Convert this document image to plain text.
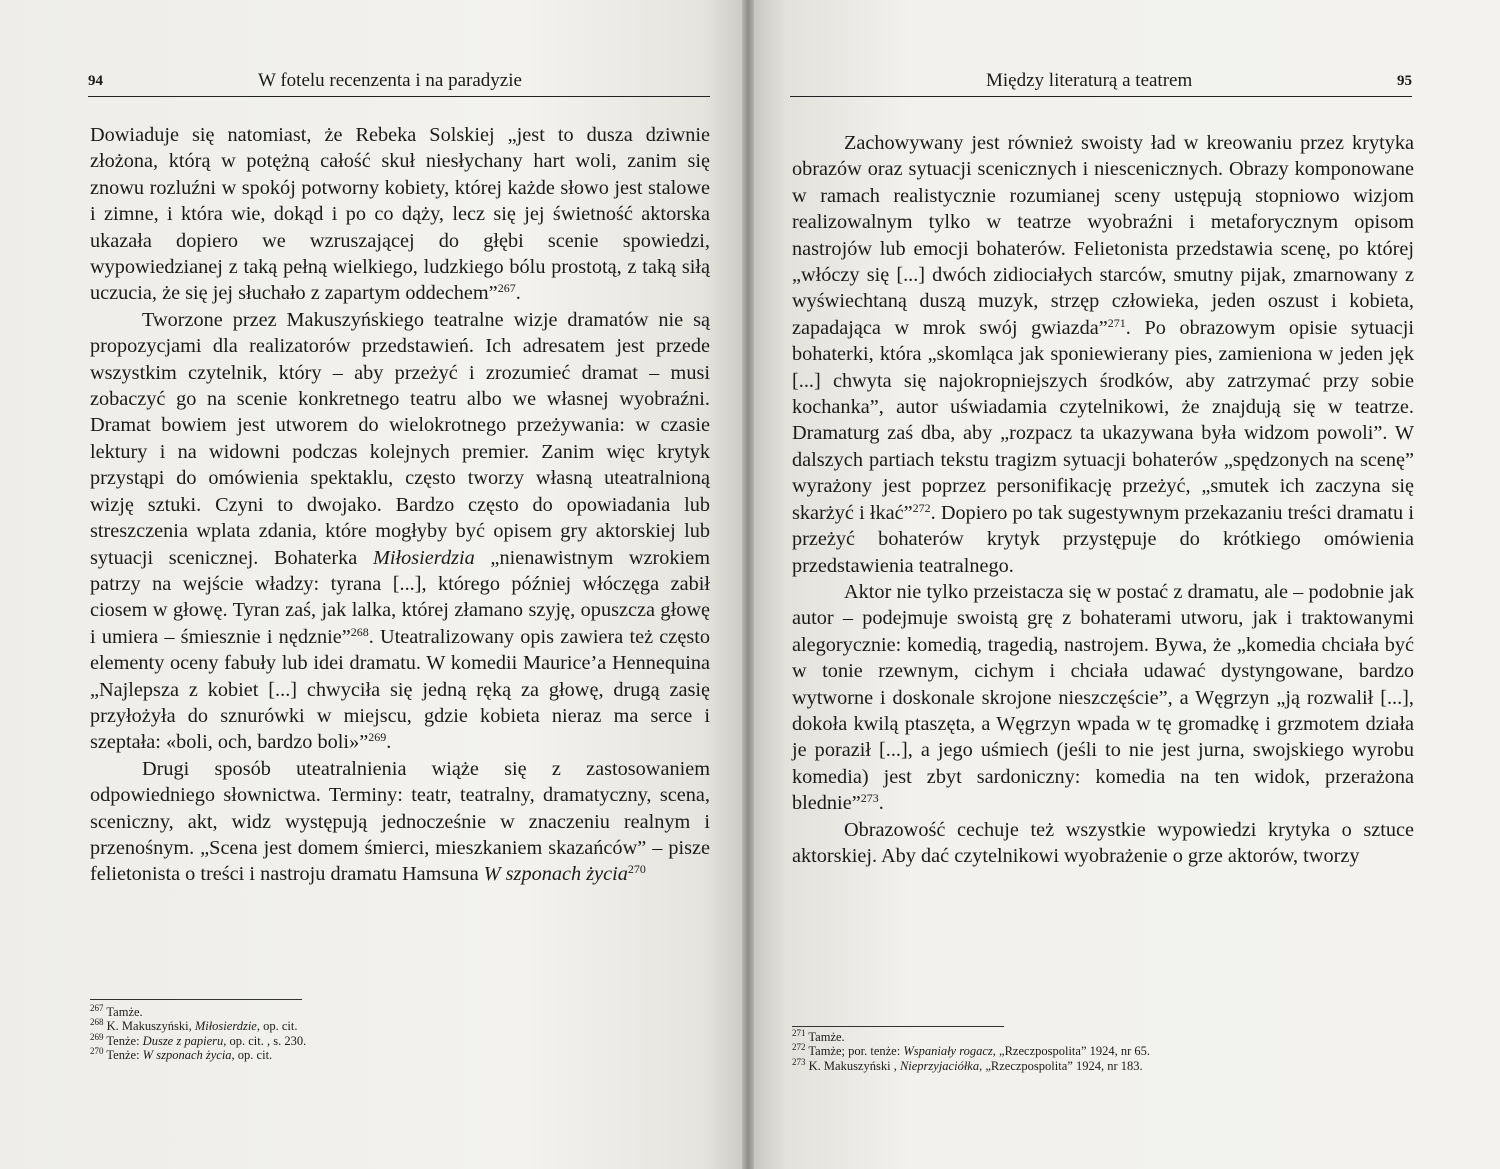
94	W fotelu recenzenta i na paradyzie

Dowiaduje się natomiast, że Rebeka Solskiej „jest to dusza dziwnie złożona, którą w potężną całość skuł niesłychany hart woli, zanim się znowu rozluźni w spokój potworny kobiety, której każde słowo jest stalowe i zimne, i która wie, dokąd i po co dąży, lecz się jej świetność aktorska ukazała dopiero we wzruszającej do głębi scenie spowiedzi, wypowiedzianej z taką pełną wielkiego, ludzkiego bólu prostotą, z taką siłą uczucia, że się jej słuchało z zapartym oddechem”$^{267}$.

Tworzone przez Makuszyńskiego teatralne wizje dramatów nie są propozycjami dla realizatorów przedstawień. Ich adresatem jest przede wszystkim czytelnik, który – aby przeżyć i zrozumieć dramat – musi zobaczyć go na scenie konkretnego teatru albo we własnej wyobraźni. Dramat bowiem jest utworem do wielokrotnego przeżywania: w czasie lektury i na widowni podczas kolejnych premier. Zanim więc krytyk przystąpi do omówienia spektaklu, często tworzy własną uteatralnioną wizję sztuki. Czyni to dwojako. Bardzo często do opowiadania lub streszczenia wplata zdania, które mogłyby być opisem gry aktorskiej lub sytuacji scenicznej. Bohaterka Miłosierdzia „nienawistnym wzrokiem patrzy na wejście władzy: tyrana [...], którego później włóczęga zabił ciosem w głowę. Tyran zaś, jak lalka, której złamano szyję, opuszcza głowę i umiera – śmiesznie i nędznie”$^{268}$. Uteatralizowany opis zawiera też często elementy oceny fabuły lub idei dramatu. W komedii Maurice’a Hennequina „Najlepsza z kobiet [...] chwyciła się jedną ręką za głowę, drugą zasię przyłożyła do sznurówki w miejscu, gdzie kobieta nieraz ma serce i szeptała: «boli, och, bardzo boli»”$^{269}$.

Drugi sposób uteatralnienia wiąże się z zastosowaniem odpowiedniego słownictwa. Terminy: teatr, teatralny, dramatyczny, scena, sceniczny, akt, widz występują jednocześnie w znaczeniu realnym i przenośnym. „Scena jest domem śmierci, mieszkaniem skazańców” – pisze felietonista o treści i nastroju dramatu Hamsuna W szponach życia$^{270}$

$^{267}$ Tamże.
$^{268}$ K. Makuszyński, Miłosierdzie, op. cit.
$^{269}$ Tenże: Dusze z papieru, op. cit. , s. 230.
$^{270}$ Tenże: W szponach życia, op. cit.
Między literaturą a teatrem	95

Zachowywany jest również swoisty ład w kreowaniu przez krytyka obrazów oraz sytuacji scenicznych i niescenicznych. Obrazy komponowane w ramach realistycznie rozumianej sceny ustępują stopniowo wizjom realizowalnym tylko w teatrze wyobraźni i metaforycznym opisom nastrojów lub emocji bohaterów. Felietonista przedstawia scenę, po której „włóczy się [...] dwóch zidiociałych starców, smutny pijak, zmarnowany z wyświechtaną duszą muzyk, strzęp człowieka, jeden oszust i kobieta, zapadająca w mrok swój gwiazda”$^{271}$. Po obrazowym opisie sytuacji bohaterki, która „skomląca jak sponiewierany pies, zamieniona w jeden jęk [...] chwyta się najokropniejszych środków, aby zatrzymać przy sobie kochanka”, autor uświadamia czytelnikowi, że znajdują się w teatrze. Dramaturg zaś dba, aby „rozpacz ta ukazywana była widzom powoli”. W dalszych partiach tekstu tragizm sytuacji bohaterów „spędzonych na scenę” wyrażony jest poprzez personifikację przeżyć, „smutek ich zaczyna się skarżyć i łkać”$^{272}$. Dopiero po tak sugestywnym przekazaniu treści dramatu i przeżyć bohaterów krytyk przystępuje do krótkiego omówienia przedstawienia teatralnego.

Aktor nie tylko przeistacza się w postać z dramatu, ale – podobnie jak autor – podejmuje swoistą grę z bohaterami utworu, jak i traktowanymi alegorycznie: komedią, tragedią, nastrojem. Bywa, że „komedia chciała być w tonie rzewnym, cichym i chciała udawać dystyngowane, bardzo wytworne i doskonale skrojone nieszczęście”, a Węgrzyn „ją rozwalił [...], dokoła kwilą ptaszęta, a Węgrzyn wpada w tę gromadkę i grzmotem działa je poraził [...], a jego uśmiech (jeśli to nie jest jurna, swojskiego wyrobu komedia) jest zbyt sardoniczny: komedia na ten widok, przerażona blednie”$^{273}$.

Obrazowość cechuje też wszystkie wypowiedzi krytyka o sztuce aktorskiej. Aby dać czytelnikowi wyobrażenie o grze aktorów, tworzy

$^{271}$ Tamże.
$^{272}$ Tamże; por. tenże: Wspaniały rogacz, „Rzeczpospolita” 1924, nr 65.
$^{273}$ K. Makuszyński , Nieprzyjaciółka, „Rzeczpospolita” 1924, nr 183.
